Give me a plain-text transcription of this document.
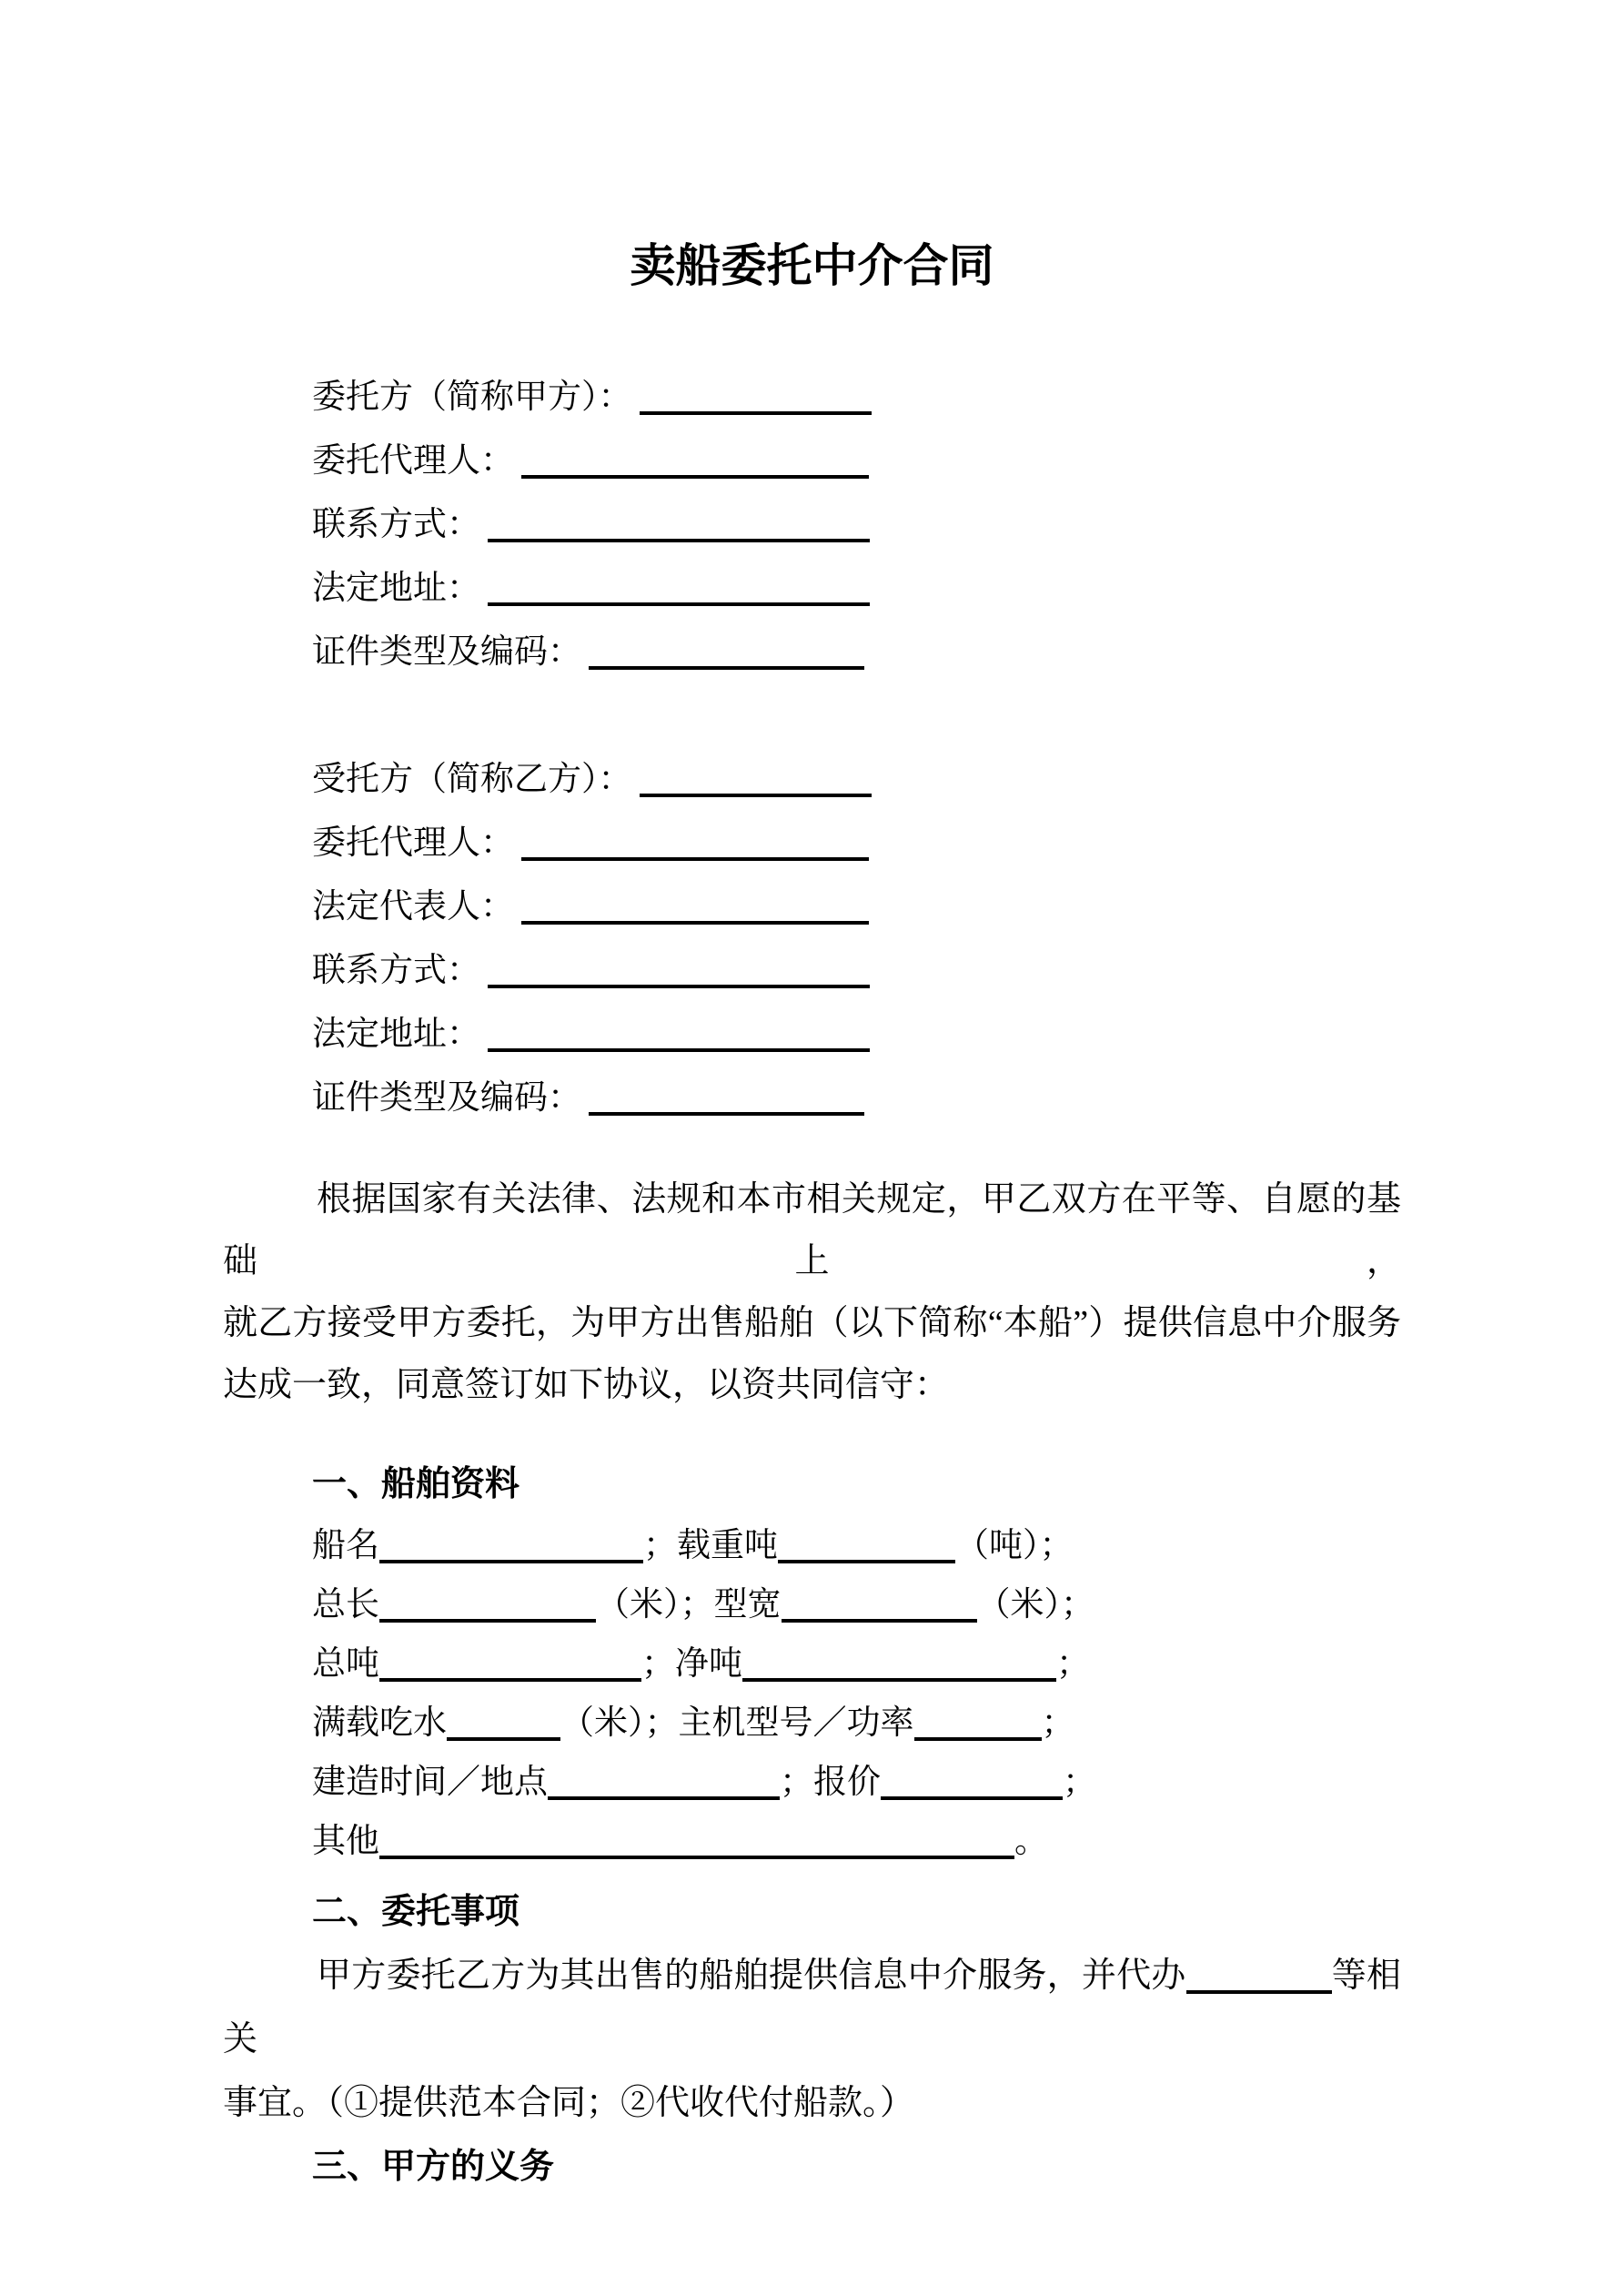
卖船委托中介合同
委托方（简称甲方）：
委托代理人：
联系方式：
法定地址：
证件类型及编码：
受托方（简称乙方）：
委托代理人：
法定代表人：
联系方式：
法定地址：
证件类型及编码：
根据国家有关法律、法规和本市相关规定，甲乙双方在平等、自愿的基础上，
就乙方接受甲方委托，为甲方出售船舶（以下简称“本船”）提供信息中介服务
达成一致，同意签订如下协议，以资共同信守：
一、船舶资料
船名	；载重吨	（吨）；
总长	（米）；型宽	（米）；
总吨	；净吨	；
满载吃水	（米）；主机型号／功率	；
建造时间／地点	；报价	；
其他	。
二、委托事项
甲方委托乙方为其出售的船舶提供信息中介服务，并代办	等相关
事宜。（①提供范本合同；②代收代付船款。）
三、甲方的义务
